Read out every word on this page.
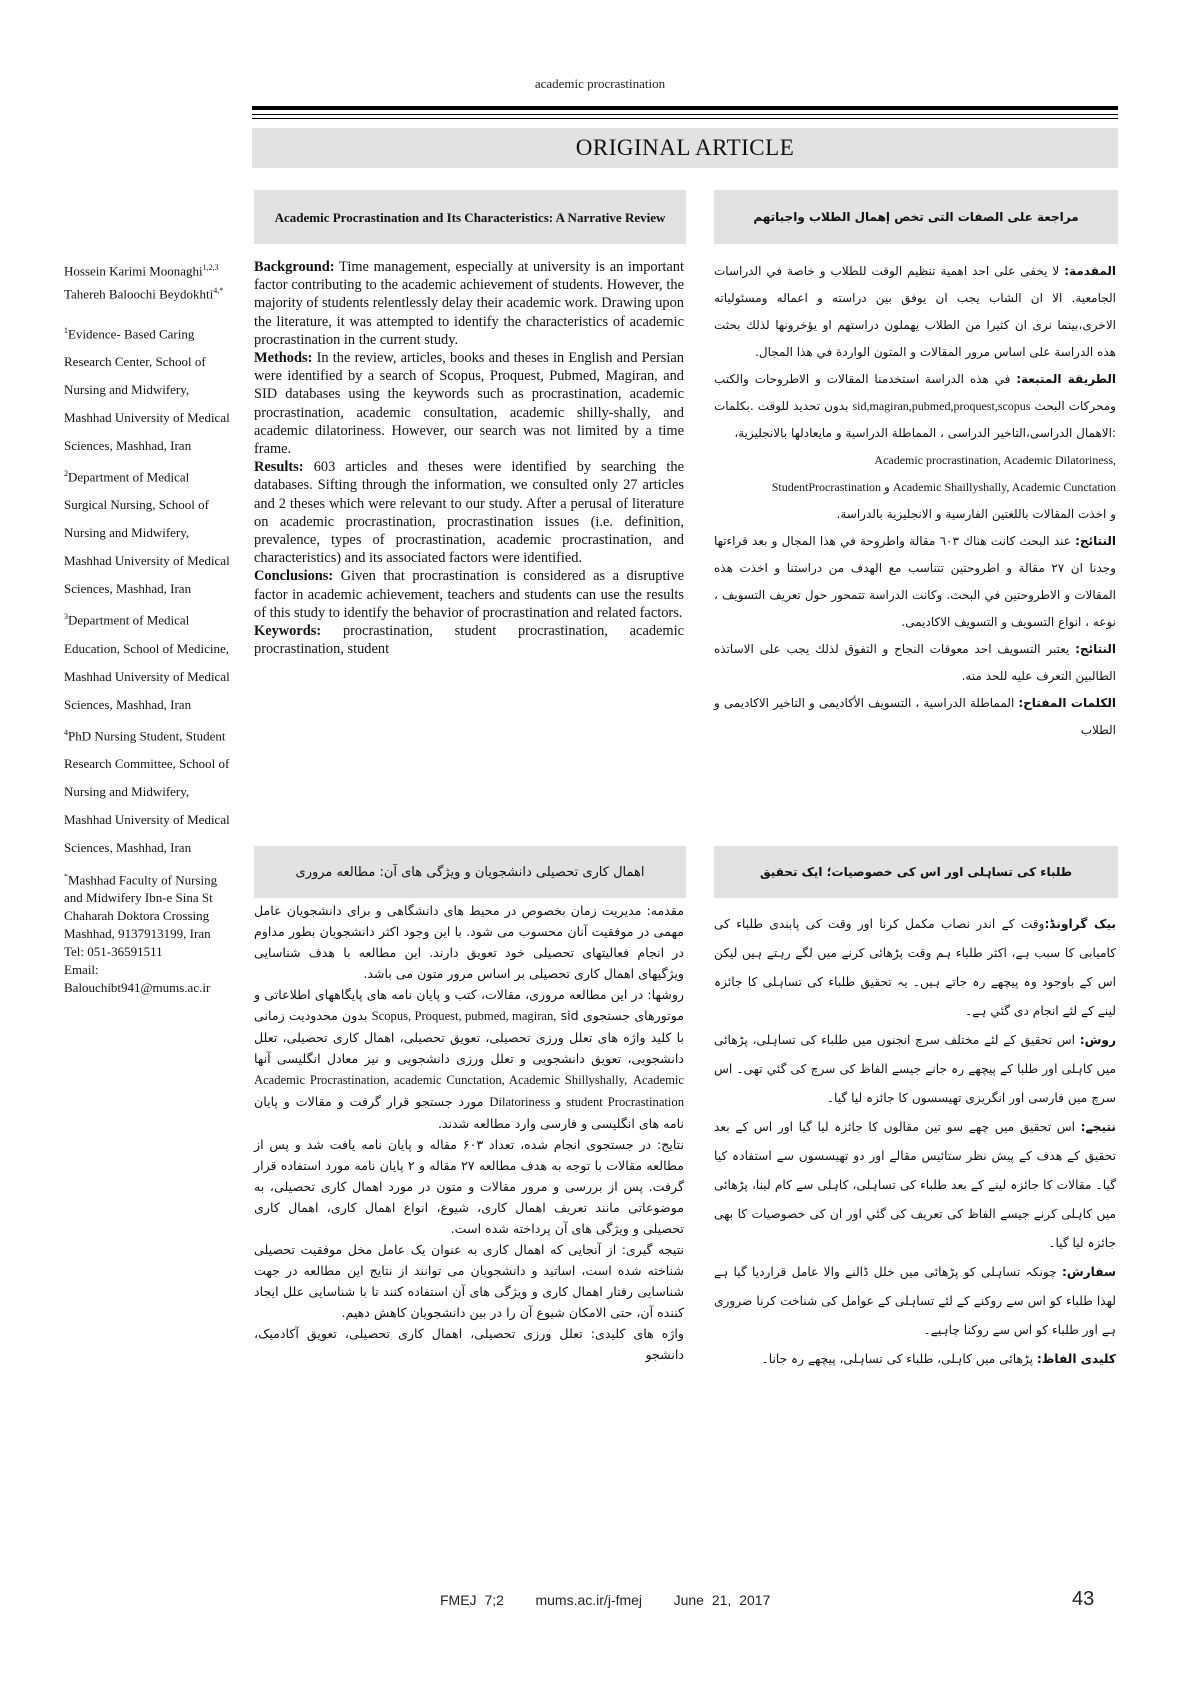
academic procrastination
ORIGINAL ARTICLE
Academic Procrastination and Its Characteristics: A Narrative Review	مراجعة على الصفات التى تخص إهمال الطلاب واجباتهم

Background: Time management, especially at university is an important factor contributing to the academic achievement of students. However, the majority of students relentlessly delay their academic work. Drawing upon the literature, it was attempted to identify the characteristics of academic procrastination in the current study.

Methods: In the review, articles, books and theses in English and Persian were identified by a search of Scopus, Proquest, Pubmed, Magiran, and SID databases using the keywords such as procrastination, academic procrastination, academic consultation, academic shilly-shally, and academic dilatoriness. However, our search was not limited by a time frame.

Results: 603 articles and theses were identified by searching the databases. Sifting through the information, we consulted only 27 articles and 2 theses which were relevant to our study. After a perusal of literature on academic procrastination, procrastination issues (i.e. definition, prevalence, types of procrastination, academic procrastination, and characteristics) and its associated factors were identified.

Conclusions: Given that procrastination is considered as a disruptive factor in academic achievement, teachers and students can use the results of this study to identify the behavior of procrastination and related factors.

Keywords: procrastination, student procrastination, academic procrastination, student

Hossein Karimi Moonaghi$^{1,2,3}$
Tahereh Baloochi Beydokhti$^{4,*}$
$^1$Evidence- Based Caring Research Center, School of Nursing and Midwifery, Mashhad University of Medical Sciences, Mashhad, Iran
$^2$Department of Medical Surgical Nursing, School of Nursing and Midwifery, Mashhad University of Medical Sciences, Mashhad, Iran
$^3$Department of Medical Education, School of Medicine, Mashhad University of Medical Sciences, Mashhad, Iran
$^4$PhD Nursing Student, Student Research Committee, School of Nursing and Midwifery, Mashhad University of Medical Sciences, Mashhad, Iran
*Mashhad Faculty of Nursing and Midwifery Ibn-e Sina St Chaharah Doktora Crossing Mashhad, 9137913199, Iran
Tel: 051-36591511
Email:
Balouchibt941@mums.ac.ir

المقدمة: لا يخفى على احد اهمية تنظيم الوقت للطلاب و خاصة في الدراسات الجامعية. الا ان الشاب يجب ان يوفق بين دراسته و اعماله ومسئولياته الاخرى،بينما نرى ان كثيرا من الطلاب يهملون دراستهم او يؤخرونها لذلك بحثت هذه الدراسة على اساس مرور المقالات و المتون الواردة في هذا المجال.

الطريقة المتبعة: في هذه الدراسة استخدمنا المقالات و الاطروحات والكتب ومحركات البحث sid,magiran,pubmed,proquest,scopus بدون تحديد للوقت .بكلمات :الاهمال الدراسى،التاخير الدراسى ، المماطلة الدراسية و مايعادلها بالانجليزية،
Academic procrastination, Academic Dilatoriness,
StudentProcrastination و Academic Shaillyshally, Academic Cunctation
و اخذت المقالات باللغتين الفارسية و الانجليزية بالدراسة.

النتائج: عند البحث كانت هناك ٦٠٣ مقالة واطروحة في هذا المجال و بعد قراءتها وجدنا ان ٢٧ مقالة و اطروحتين تتناسب مع الهدف من دراستنا و اخذت هذه المقالات و الاطروحتين في البحث. وكانت الدراسة تتمحور حول تعريف التسويف ، نوعه ، انواع التسويف و التسويف الاكاديمى.

النتائج: يعتبر التسويف احد معوقات النجاح و التفوق لذلك يجب على الاساتذه الطالبين التعرف عليه للحد منه.

الكلمات المفتاح: المماطلة الدراسية ، التسويف الأكاديمى و التاخير الاكاديمى و الطلاب

اهمال کاری تحصیلی دانشجویان و ویژگی های آن: مطالعه مروری	طلباء کی تساہلی اور اس کی خصوصیات؛ ایک تحقیق

مقدمه: مدیریت زمان بخصوص در محیط های دانشگاهی و برای دانشجویان عامل مهمی در موفقیت آنان محسوب می شود. با این وجود اکثر دانشجویان بطور مداوم در انجام فعالیتهای تحصیلی خود تعویق دارند. این مطالعه با هدف شناسایی ویژگیهای اهمال کاری تحصیلی بر اساس مرور متون می باشد.

روشها: در این مطالعه مروری، مقالات، کتب و پایان نامه های پایگاههای اطلاعاتی و موتورهای جستجوی Scopus, Proquest, pubmed, magiran, sid بدون محدودیت زمانی با کلید واژه های تعلل ورزی تحصیلی، تعویق تحصیلی، اهمال کاری تحصیلی، تعلل دانشجویی، تعویق دانشجویی و تعلل ورزی دانشجویی و نیز معادل انگلیسی آنها Academic Procrastination, academic Cunctation, Academic Shillyshally, Academic Dilatoriness و student Procrastination مورد جستجو قرار گرفت و مقالات و پایان نامه های انگلیسی و فارسی وارد مطالعه شدند.

نتایج: در جستجوی انجام شده، تعداد ۶۰۳ مقاله و پایان نامه یافت شد و پس از مطالعه مقالات با توجه به هدف مطالعه ۲۷ مقاله و ۲ پایان نامه مورد استفاده قرار گرفت. پس از بررسی و مرور مقالات و متون در مورد اهمال کاری تحصیلی، به موضوعاتی مانند تعریف اهمال کاری، شیوع، انواع اهمال کاری، اهمال کاری تحصیلی و ویژگی های آن پرداخته شده است.

نتیجه گیری: از آنجایی که اهمال کاری به عنوان یک عامل مخل موفقیت تحصیلی شناخته شده است، اساتید و دانشجویان می توانند از نتایج این مطالعه در جهت شناسایی رفتار اهمال کاری و ویژگی های آن استفاده کنند تا با شناسایی علل ایجاد کننده آن، حتی الامکان شیوع آن را در بین دانشجویان کاهش دهیم.

واژه های کلیدی: تعلل ورزی تحصیلی، اهمال کاری تحصیلی، تعویق آکادمیک، دانشجو

بیک گراونڈ:وقت کے اندر نصاب مکمل کرنا اور وقت کی پابندی طلباء کی کامیابی کا سبب ہے، اکثر طلباء ہم وقت پڑھائی کرنے میں لگے رہتے ہیں لیکن اس کے باوجود وہ پیچھے رہ جاتے ہیں۔ یہ تحقیق طلباء کی تساہلی کا جائزہ لینے کے لئے انجام دی گئي ہے۔

روش: اس تحقیق کے لئے مختلف سرچ انجنوں میں طلباء کی تساہلی، پڑھائی میں کاہلی اور طلبا کے پیچھے رہ جانے جیسے الفاظ کی سرچ کی گئي تھی۔ اس سرچ میں فارسی اور انگریزی تھیسسوں کا جائزہ لیا گيا۔

نتیجے: اس تحقیق میں چھے سو تین مقالوں کا جائزہ لیا گیا اور اس کے بعد تحقیق کے ھدف کے پیش نظر ستائیس مقالے اور دو تھیسسوں سے استفادہ کیا گیا۔ مقالات کا جائزہ لینے کے بعد طلباء کی تساہلی، کاہلی سے کام لینا، پڑھائی میں کاہلی کرنے جیسے الفاظ کی تعریف کی گئي اور ان کی خصوصیات کا بھی جائزہ لیا گیا۔

سفارش: چونکہ تساہلی کو پڑھائی میں خلل ڈالنے والا عامل قراردیا گیا ہے لھذا طلباء کو اس سے روکنے کے لئے تساہلی کے عوامل کی شناخت کرنا ضروری ہے اور طلباء کو اس سے روکنا چاہیے۔

کلیدی الفاظ: پڑھائی میں کاہلی، طلباء کی تساہلی، پیچھے رہ جانا۔

FMEJ 7;2 mums.ac.ir/j-fmej June 21, 2017	43
